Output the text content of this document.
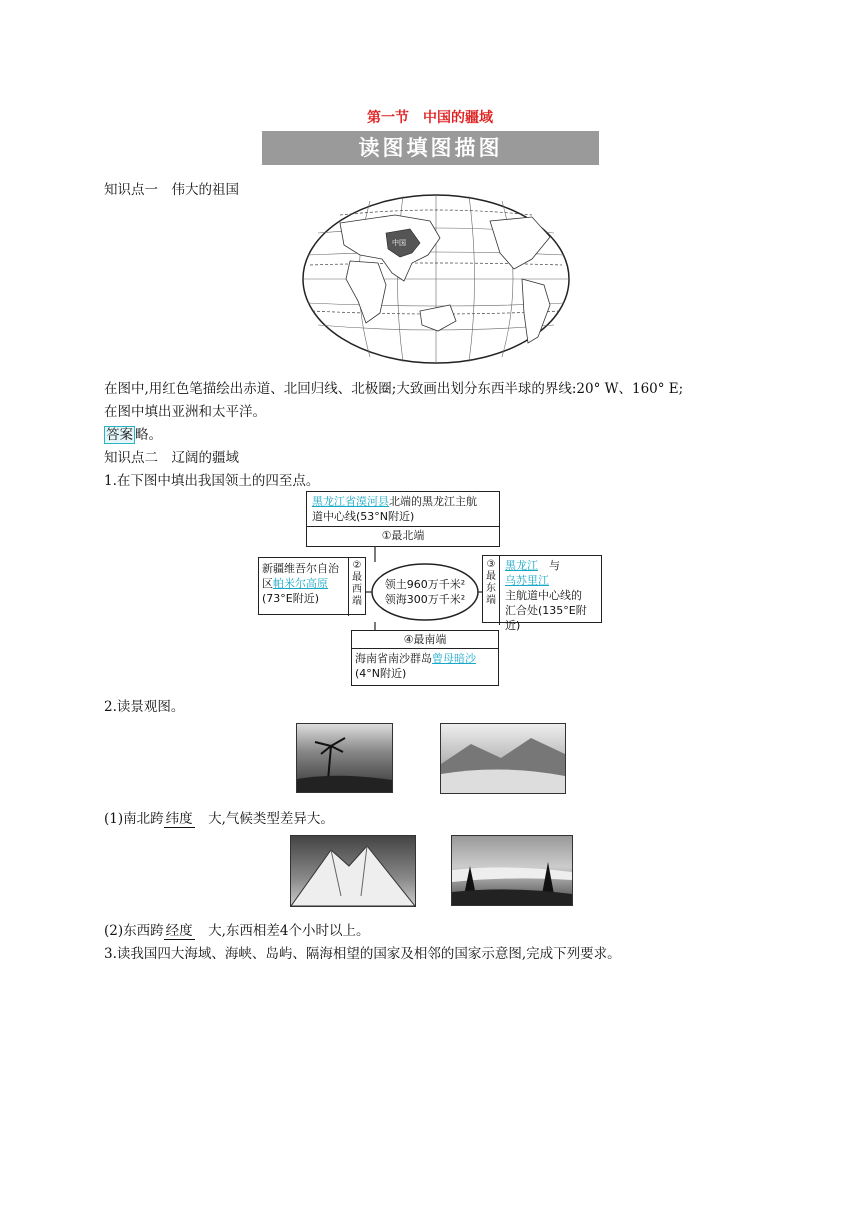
第一节　中国的疆域
读图填图描图
知识点一　伟大的祖国
中国
在图中,用红色笔描绘出赤道、北回归线、北极圈;大致画出划分东西半球的界线:20° W、160° E;
在图中填出亚洲和太平洋。
答案 略。
知识点二　辽阔的疆域
1.在下图中填出我国领土的四至点。
领土960万千米²
领海300万千米²
黑龙江省漠河县北端的黑龙江主航
道中心线(53°N附近)
①最北端
新疆维吾尔自治
区帕米尔高原
(73°E附近)
②最西端
③最东端
黑龙江　 与
乌苏里江
主航道中心线的
汇合处(135°E附近)
④最南端
海南省南沙群岛曾母暗沙
(4°N附近)
2.读景观图。
(1)南北跨 纬度　 大,气候类型差异大。
(2)东西跨 经度　 大,东西相差4个小时以上。
3.读我国四大海域、海峡、岛屿、隔海相望的国家及相邻的国家示意图,完成下列要求。
